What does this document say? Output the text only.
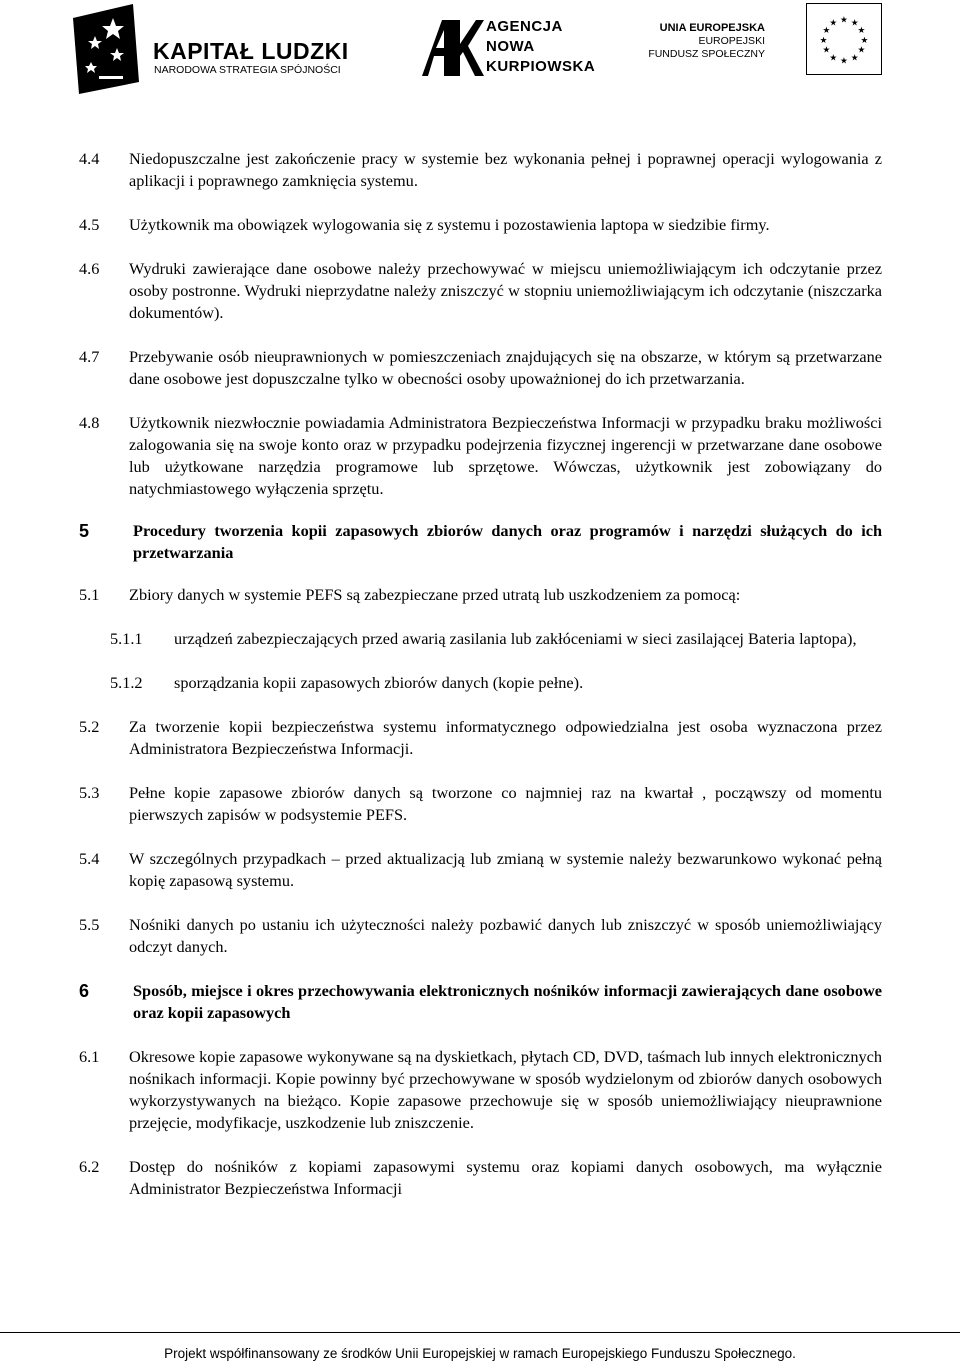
KAPITAŁ LUDZKI
NARODOWA STRATEGIA SPÓJNOŚCI
AGENCJA
NOWA
KURPIOWSKA
UNIA EUROPEJSKA
EUROPEJSKI
FUNDUSZ SPOŁECZNY
★ ★
★
★
★
★
★
★
★
★
★
★
4.4	Niedopuszczalne jest zakończenie pracy w systemie bez wykonania pełnej i poprawnej operacji wylogowania z aplikacji i poprawnego zamknięcia systemu.
4.5	Użytkownik ma obowiązek wylogowania się z systemu i pozostawienia laptopa w siedzibie firmy.
4.6	Wydruki zawierające dane osobowe należy przechowywać w miejscu uniemożliwiającym ich odczytanie przez osoby postronne. Wydruki nieprzydatne należy zniszczyć w stopniu uniemożliwiającym ich odczytanie (niszczarka dokumentów).
4.7	Przebywanie osób nieuprawnionych w pomieszczeniach znajdujących się na obszarze, w którym są przetwarzane dane osobowe jest dopuszczalne tylko w obecności osoby upoważnionej do ich przetwarzania.
4.8	Użytkownik niezwłocznie powiadamia Administratora Bezpieczeństwa Informacji w przypadku braku możliwości zalogowania się na swoje konto oraz w przypadku podejrzenia fizycznej ingerencji w przetwarzane dane osobowe lub użytkowane narzędzia programowe lub sprzętowe. Wówczas, użytkownik jest zobowiązany do natychmiastowego wyłączenia sprzętu.
5	Procedury tworzenia kopii zapasowych zbiorów danych oraz programów i narzędzi służących do ich przetwarzania
5.1	Zbiory danych w systemie PEFS są zabezpieczane przed utratą lub uszkodzeniem za pomocą:
5.1.1	urządzeń zabezpieczających przed awarią zasilania lub zakłóceniami w sieci zasilającej Bateria laptopa),
5.1.2	sporządzania kopii zapasowych zbiorów danych (kopie pełne).
5.2	Za tworzenie kopii bezpieczeństwa systemu informatycznego odpowiedzialna jest osoba wyznaczona przez Administratora Bezpieczeństwa Informacji.
5.3	Pełne kopie zapasowe zbiorów danych są tworzone co najmniej raz na kwartał , począwszy od momentu pierwszych zapisów w podsystemie PEFS.
5.4	W szczególnych przypadkach – przed aktualizacją lub zmianą w systemie należy bezwarunkowo wykonać pełną kopię zapasową systemu.
5.5	Nośniki danych po ustaniu ich użyteczności należy pozbawić danych lub zniszczyć w sposób uniemożliwiający odczyt danych.
6	Sposób, miejsce i okres przechowywania elektronicznych nośników informacji zawierających dane osobowe oraz kopii zapasowych
6.1	Okresowe kopie zapasowe wykonywane są na dyskietkach, płytach CD, DVD, taśmach lub innych elektronicznych nośnikach informacji. Kopie powinny być przechowywane w sposób wydzielonym od zbiorów danych osobowych wykorzystywanych na bieżąco. Kopie zapasowe przechowuje się w sposób uniemożliwiający nieuprawnione przejęcie, modyfikacje, uszkodzenie lub zniszczenie.
6.2	Dostęp do nośników z kopiami zapasowymi systemu oraz kopiami danych osobowych, ma wyłącznie Administrator Bezpieczeństwa Informacji
Projekt współfinansowany ze środków Unii Europejskiej w ramach Europejskiego Funduszu Społecznego.
